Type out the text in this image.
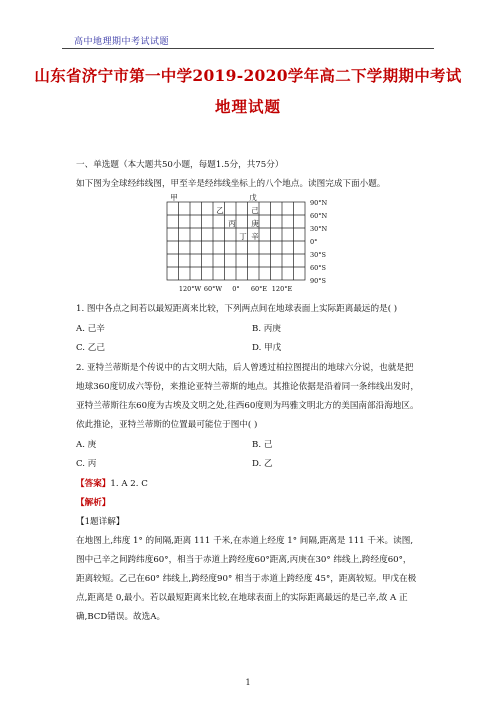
高中地理期中考试试题
山东省济宁市第一中学2019-2020学年高二下学期期中考试
地理试题
一、单选题（本大题共50小题，每题1.5分，共75分）
如下图为全球经纬线图，甲至辛是经纬线坐标上的八个地点。读图完成下面小题。
甲	戊
乙	己
丙 庚
丁 辛
90°N
60°N
30°N
0°
30°S
60°S
90°S
120°W 60°W 0° 60°E 120°E
1. 图中各点之间若以最短距离来比较，下列两点间在地球表面上实际距离最远的是( )
A. 己辛	B. 丙庚
C. 乙己	D. 甲戊
2. 亚特兰蒂斯是个传说中的古文明大陆，后人曾透过柏拉图提出的地球六分说，也就是把
地球360度切成六等份，来推论亚特兰蒂斯的地点。其推论依据是沿着同一条纬线出发时，
亚特兰蒂斯往东60度为古埃及文明之处,往西60度则为玛雅文明北方的美国南部沿海地区。
依此推论，亚特兰蒂斯的位置最可能位于图中( )
A. 庚	B. 己
C. 丙	D. 乙
【答案】1. A 2. C
【解析】
【1题详解】
在地图上,纬度 1° 的间隔,距离 111 千米,在赤道上经度 1° 间隔,距离是 111 千米。读图,
图中己辛之间跨纬度60°，相当于赤道上跨经度60°距离,丙庚在30° 纬线上,跨经度60°，
距离较短。乙己在60° 纬线上,跨经度90° 相当于赤道上跨经度 45°，距离较短。甲戊在极
点,距离是 0,最小。若以最短距离来比较,在地球表面上的实际距离最远的是己辛,故 A 正
确,BCD错误。故选A。
1
